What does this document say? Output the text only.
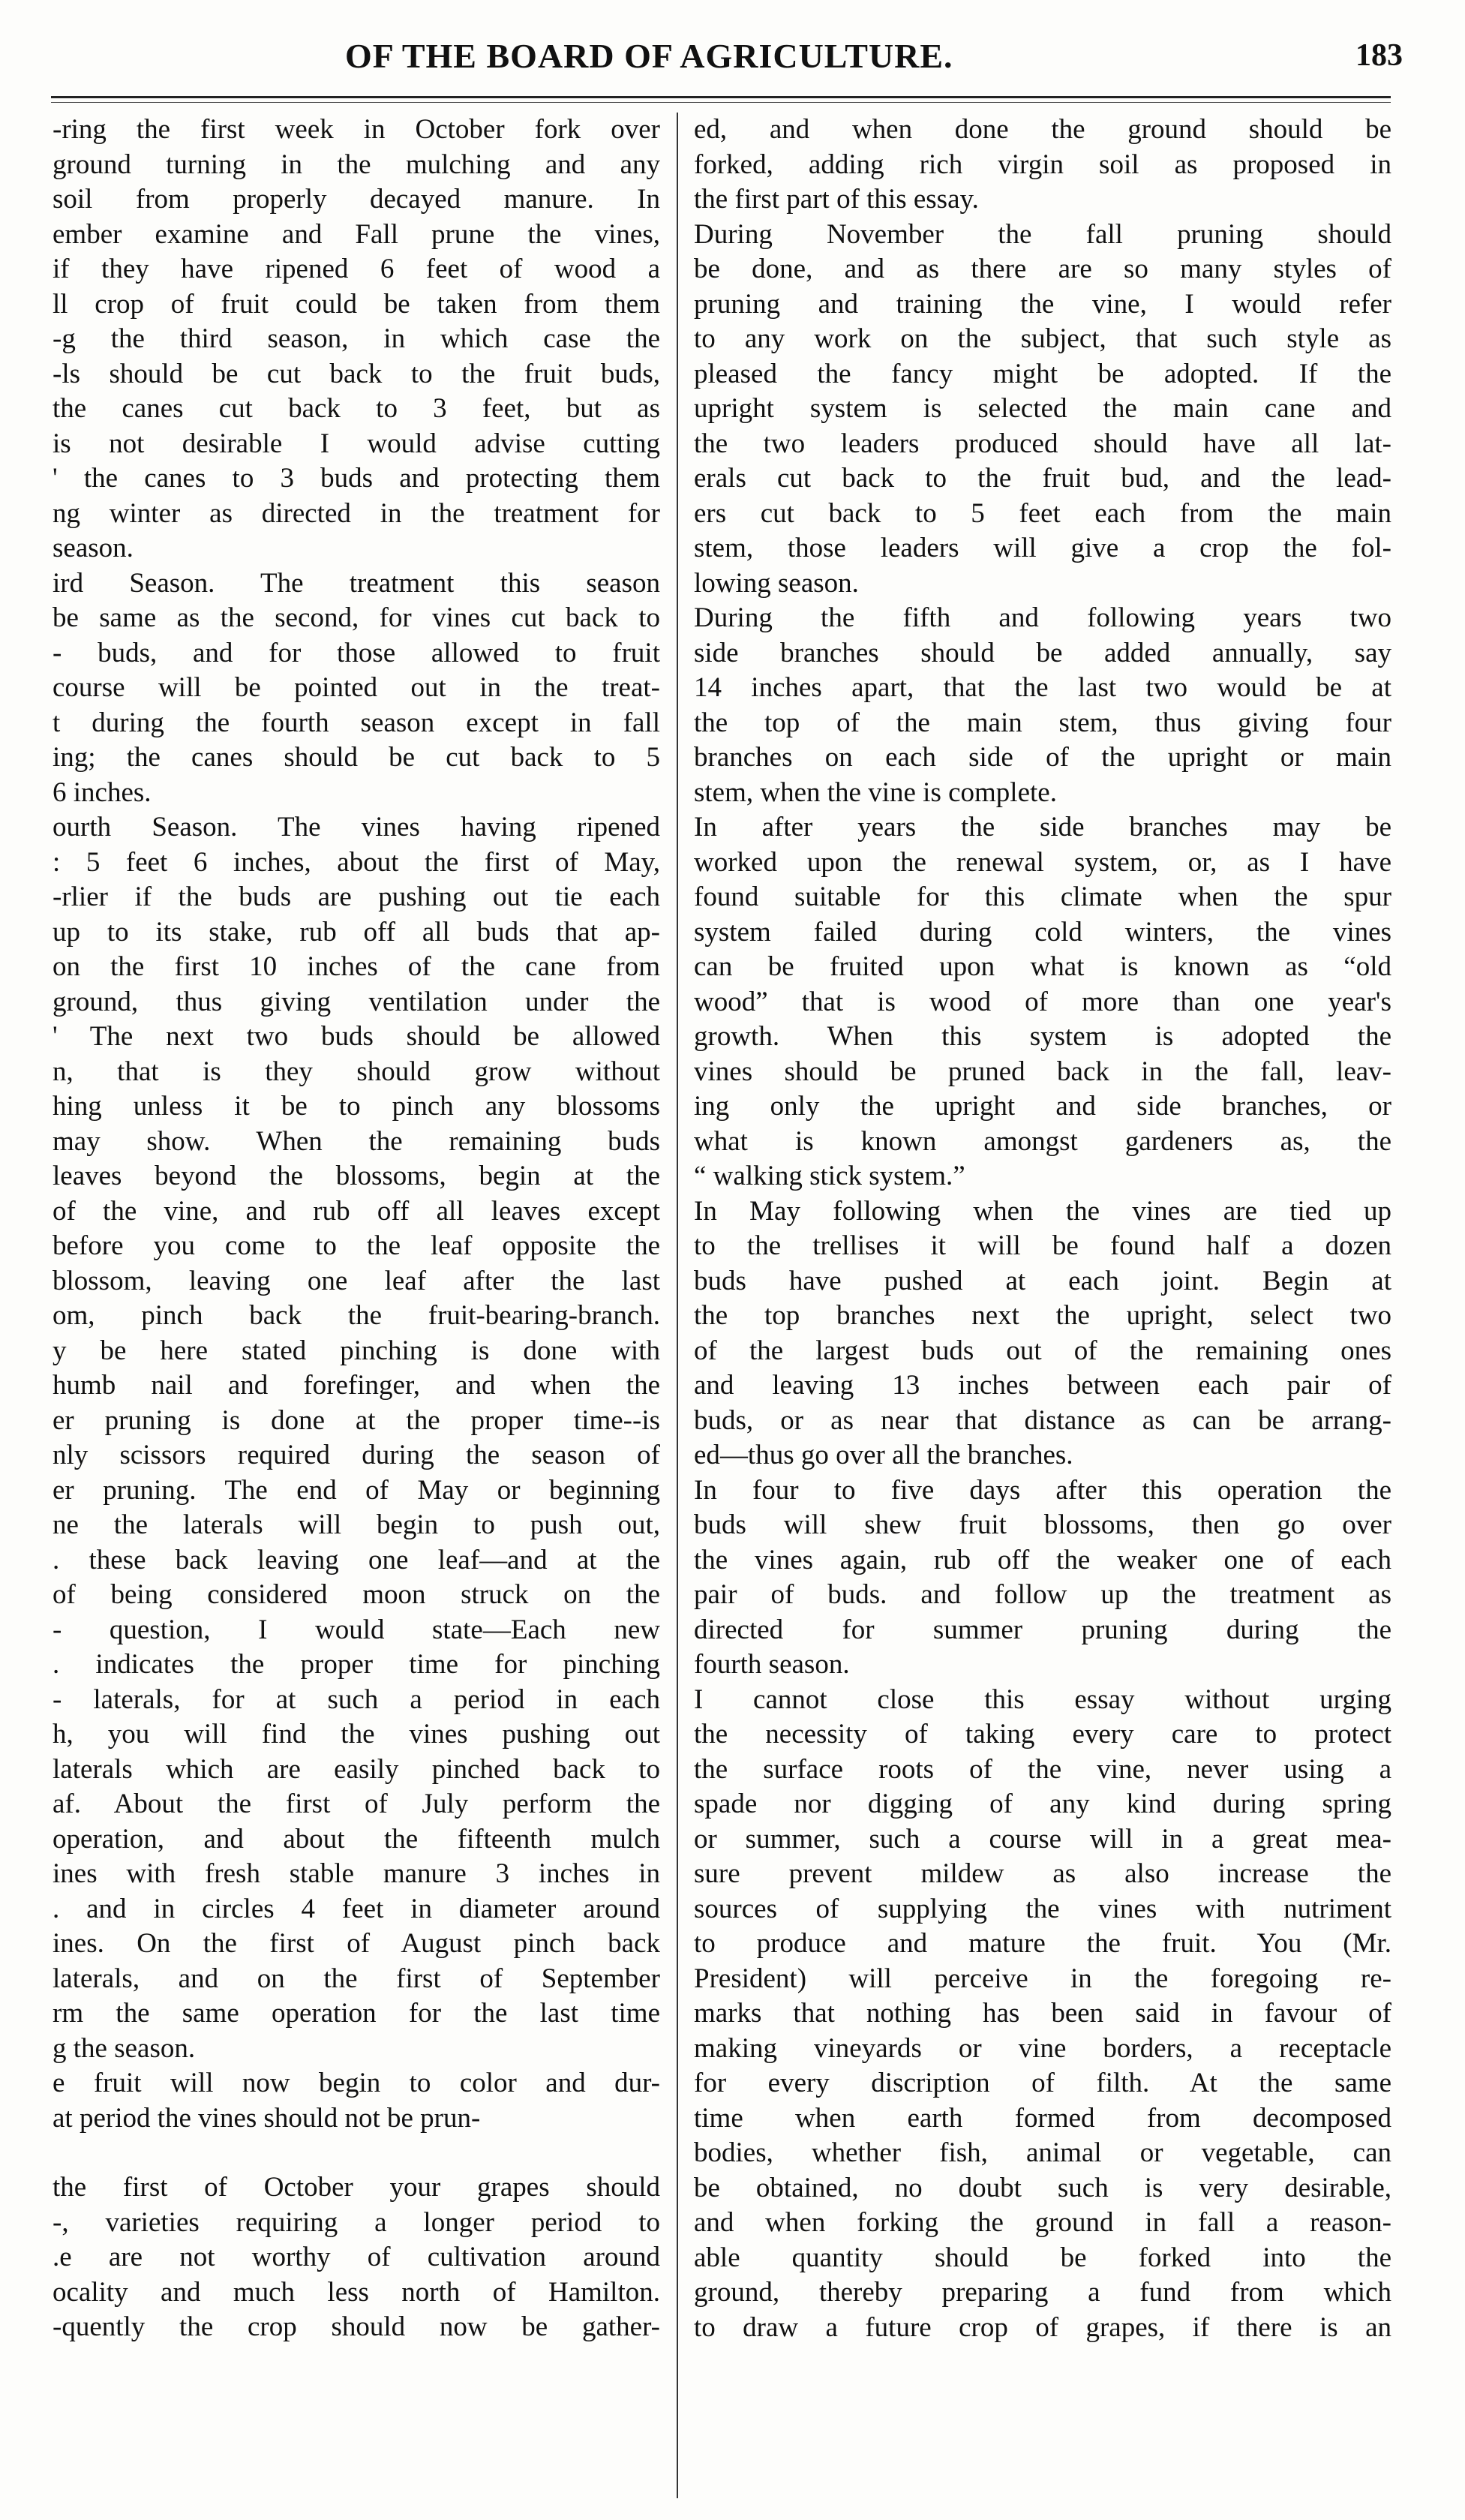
OF THE BOARD OF AGRICULTURE.	183
-ring the first week in October fork over
ground turning in the mulching and any
soil from properly decayed manure. In
ember examine and Fall prune the vines,
if they have ripened 6 feet of wood a
ll crop of fruit could be taken from them
-g the third season, in which case the
-ls should be cut back to the fruit buds,
the canes cut back to 3 feet, but as
is not desirable I would advise cutting
' the canes to 3 buds and protecting them
ng winter as directed in the treatment for
season.
ird Season. The treatment this season
be same as the second, for vines cut back to
- buds, and for those allowed to fruit
course will be pointed out in the treat-
t during the fourth season except in fall
ing; the canes should be cut back to 5
6 inches.
ourth Season. The vines having ripened
: 5 feet 6 inches, about the first of May,
-rlier if the buds are pushing out tie each
up to its stake, rub off all buds that ap-
on the first 10 inches of the cane from
ground, thus giving ventilation under the
' The next two buds should be allowed
n, that is they should grow without
hing unless it be to pinch any blossoms
may show. When the remaining buds
leaves beyond the blossoms, begin at the
of the vine, and rub off all leaves except
before you come to the leaf opposite the
blossom, leaving one leaf after the last
om, pinch back the fruit-bearing-branch.
y be here stated pinching is done with
humb nail and forefinger, and when the
er pruning is done at the proper time--is
nly scissors required during the season of
er pruning. The end of May or beginning
ne the laterals will begin to push out,
. these back leaving one leaf—and at the
of being considered moon struck on the
- question, I would state—Each new
. indicates the proper time for pinching
- laterals, for at such a period in each
h, you will find the vines pushing out
laterals which are easily pinched back to
af. About the first of July perform the
operation, and about the fifteenth mulch
ines with fresh stable manure 3 inches in
. and in circles 4 feet in diameter around
ines. On the first of August pinch back
laterals, and on the first of September
rm the same operation for the last time
g the season.
e fruit will now begin to color and dur-
at period the vines should not be prun-
the first of October your grapes should
-, varieties requiring a longer period to
.e are not worthy of cultivation around
ocality and much less north of Hamilton.
-quently the crop should now be gather-
ed, and when done the ground should be
forked, adding rich virgin soil as proposed in
the first part of this essay.
During November the fall pruning should
be done, and as there are so many styles of
pruning and training the vine, I would refer
to any work on the subject, that such style as
pleased the fancy might be adopted. If the
upright system is selected the main cane and
the two leaders produced should have all lat-
erals cut back to the fruit bud, and the lead-
ers cut back to 5 feet each from the main
stem, those leaders will give a crop the fol-
lowing season.
During the fifth and following years two
side branches should be added annually, say
14 inches apart, that the last two would be at
the top of the main stem, thus giving four
branches on each side of the upright or main
stem, when the vine is complete.
In after years the side branches may be
worked upon the renewal system, or, as I have
found suitable for this climate when the spur
system failed during cold winters, the vines
can be fruited upon what is known as “old
wood” that is wood of more than one year's
growth. When this system is adopted the
vines should be pruned back in the fall, leav-
ing only the upright and side branches, or
what is known amongst gardeners as, the
“ walking stick system.”
In May following when the vines are tied up
to the trellises it will be found half a dozen
buds have pushed at each joint. Begin at
the top branches next the upright, select two
of the largest buds out of the remaining ones
and leaving 13 inches between each pair of
buds, or as near that distance as can be arrang-
ed—thus go over all the branches.
In four to five days after this operation the
buds will shew fruit blossoms, then go over
the vines again, rub off the weaker one of each
pair of buds. and follow up the treatment as
directed for summer pruning during the
fourth season.
I cannot close this essay without urging
the necessity of taking every care to protect
the surface roots of the vine, never using a
spade nor digging of any kind during spring
or summer, such a course will in a great mea-
sure prevent mildew as also increase the
sources of supplying the vines with nutriment
to produce and mature the fruit. You (Mr.
President) will perceive in the foregoing re-
marks that nothing has been said in favour of
making vineyards or vine borders, a receptacle
for every discription of filth. At the same
time when earth formed from decomposed
bodies, whether fish, animal or vegetable, can
be obtained, no doubt such is very desirable,
and when forking the ground in fall a reason-
able quantity should be forked into the
ground, thereby preparing a fund from which
to draw a future crop of grapes, if there is an
